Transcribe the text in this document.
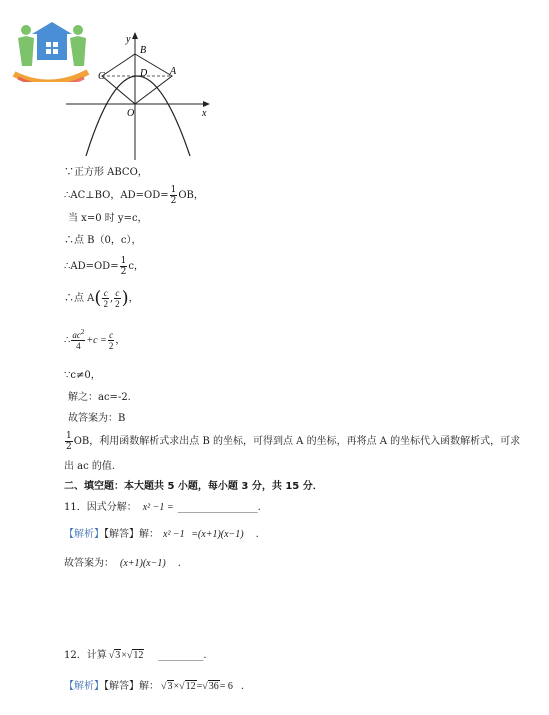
y
x
O
B
C	D A
∵正方形 ABCO，
∴AC⊥BO，$AD=OD= \frac{1}{2}$ OB，
当 x=0 时 y=c，
∴点 B（0，c），
∴AD=OD= $\frac{1}{2}$ c，
∴点 $A( \frac{c}{2}$ , $\frac{c}{2}$ )，
∴ $\frac{ac^2}{4} +c = \frac{c}{2}$ ，
∵c≠0，
解之：ac=-2.
故答案为：B
$\frac{1}{2}$ OB，利用函数解析式求出点 B 的坐标，可得到点 A 的坐标，再将点 A 的坐标代入函数解析式，可求
出 ac 的值.
二、填空题：本大题共 5 小题，每小题 3 分，共 15 分．
11．因式分解： x² −1 = ________________.
【解析】【解答】解： x² −1 =(x+1)(x−1) .
故答案为： (x+1)(x−1) .
12．计算 √3×√12 _________.
【解析】【解答】解： √3×√12=√36= 6 .
